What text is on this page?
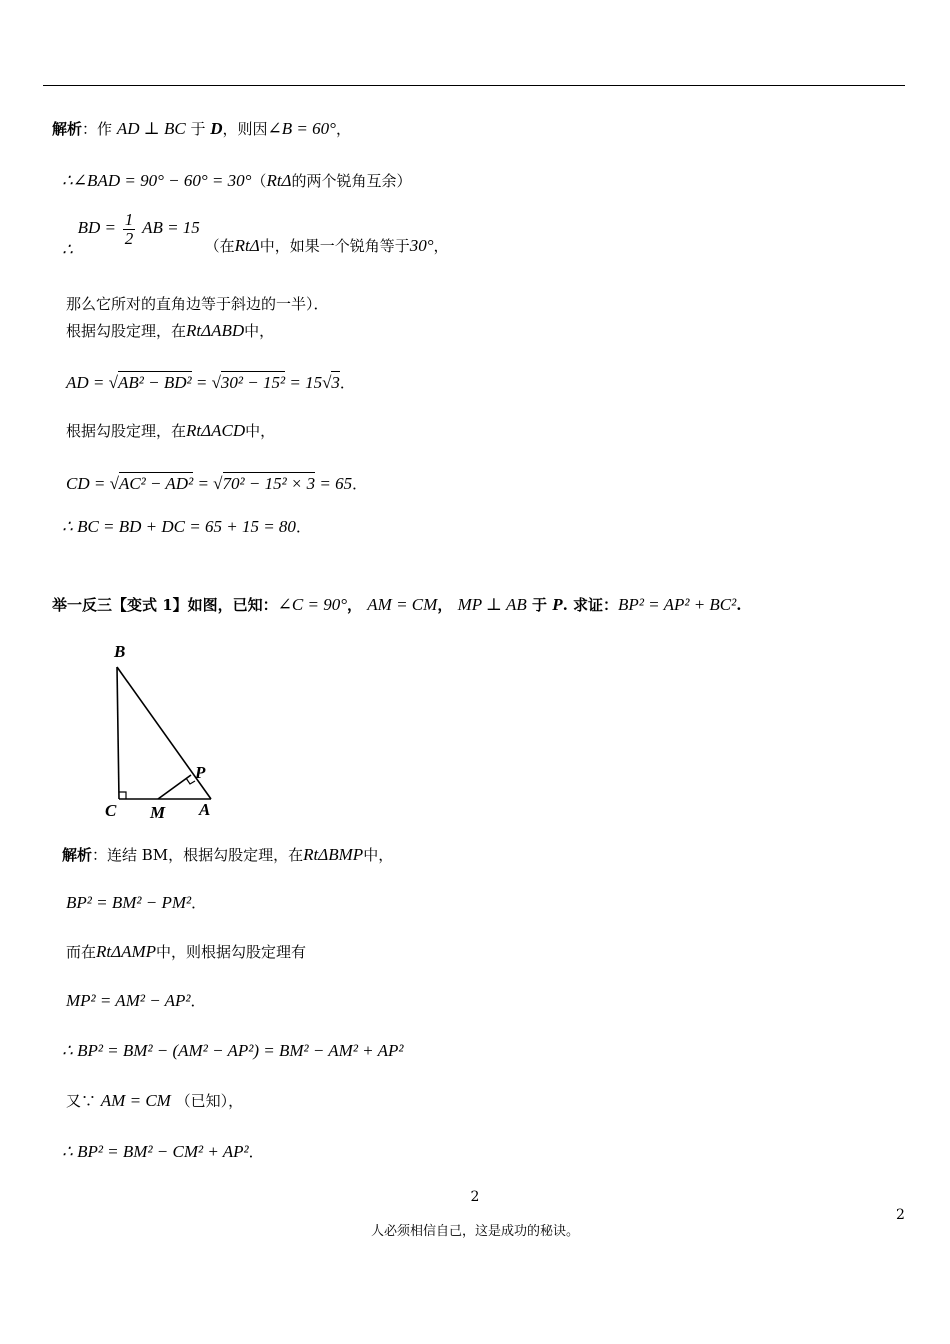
解析：作 AD ⊥ BC 于 D，则因∠B = 60°，
∴∠BAD = 90° − 60° = 30°（RtΔ的两个锐角互余）
∴ BD = $\frac{1}{2}$ AB = 15 （在RtΔ中，如果一个锐角等于30°，
那么它所对的直角边等于斜边的一半）．
根据勾股定理，在RtΔABD中，
AD = √AB² − BD² = √30² − 15² = 15√3．
根据勾股定理，在RtΔACD中，
CD = √AC² − AD² = √70² − 15² × 3 = 65．
∴ BC = BD + DC = 65 + 15 = 80．
举一反三【变式 1】如图，已知：∠C = 90°， AM = CM， MP ⊥ AB 于 P. 求证：BP² = AP² + BC².
B
C M A
P
解析：连结 BM，根据勾股定理，在RtΔBMP中，
BP² = BM² − PM²．
而在RtΔAMP中，则根据勾股定理有
MP² = AM² − AP²．
∴ BP² = BM² − (AM² − AP²) = BM² − AM² + AP²
又∵ AM = CM （已知），
∴ BP² = BM² − CM² + AP²．
2
人必须相信自己，这是成功的秘诀。
2
